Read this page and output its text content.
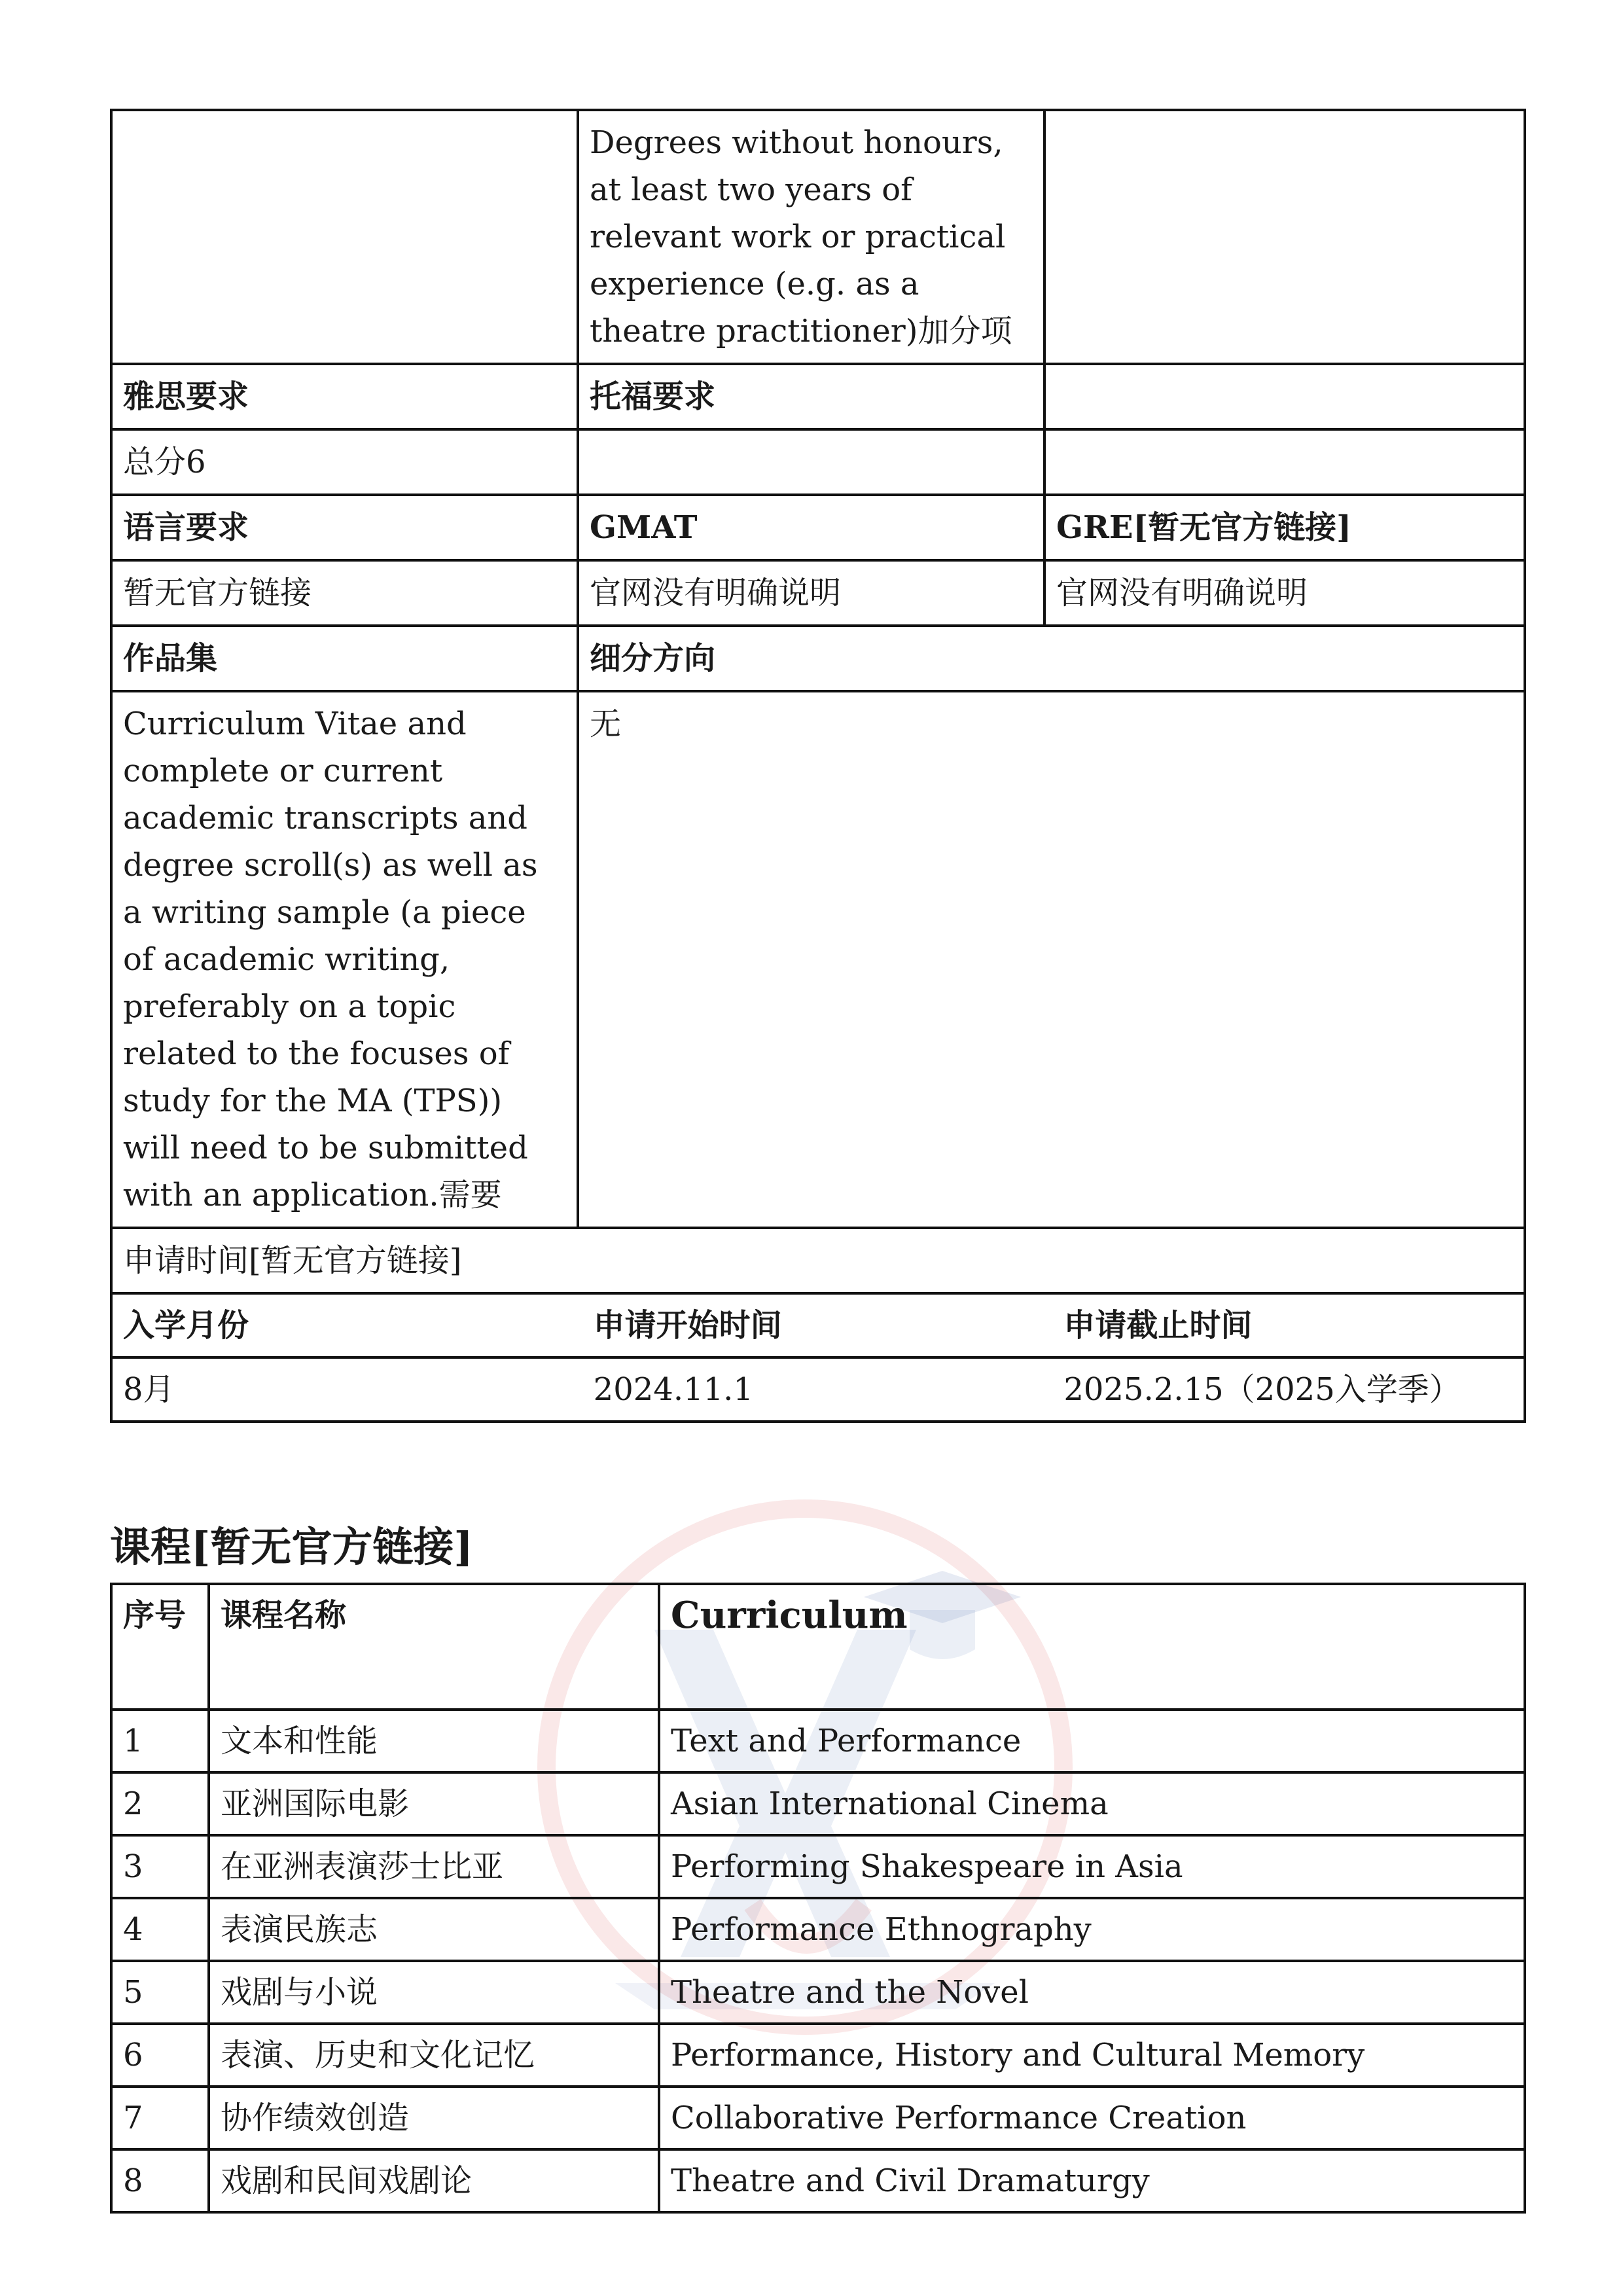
	Degrees without honours, at least two years of relevant work or practical experience (e.g. as a theatre practitioner)加分项	
雅思要求	托福要求	
总分6		
语言要求	GMAT	GRE[暂无官方链接]
暂无官方链接	官网没有明确说明	官网没有明确说明
作品集	细分方向
Curriculum Vitae and complete or current academic transcripts and degree scroll(s) as well as a writing sample (a piece of academic writing, preferably on a topic related to the focuses of study for the MA (TPS)) will need to be submitted with an application.需要	无
申请时间[暂无官方链接]

入学月份	申请开始时间	申请截止时间
8月	2024.11.1	2025.2.15（2025入学季）
课程[暂无官方链接]
序号	课程名称	Curriculum
1	文本和性能	Text and Performance
2	亚洲国际电影	Asian International Cinema
3	在亚洲表演莎士比亚	Performing Shakespeare in Asia
4	表演民族志	Performance Ethnography
5	戏剧与小说	Theatre and the Novel
6	表演、历史和文化记忆	Performance, History and Cultural Memory
7	协作绩效创造	Collaborative Performance Creation
8	戏剧和民间戏剧论	Theatre and Civil Dramaturgy
